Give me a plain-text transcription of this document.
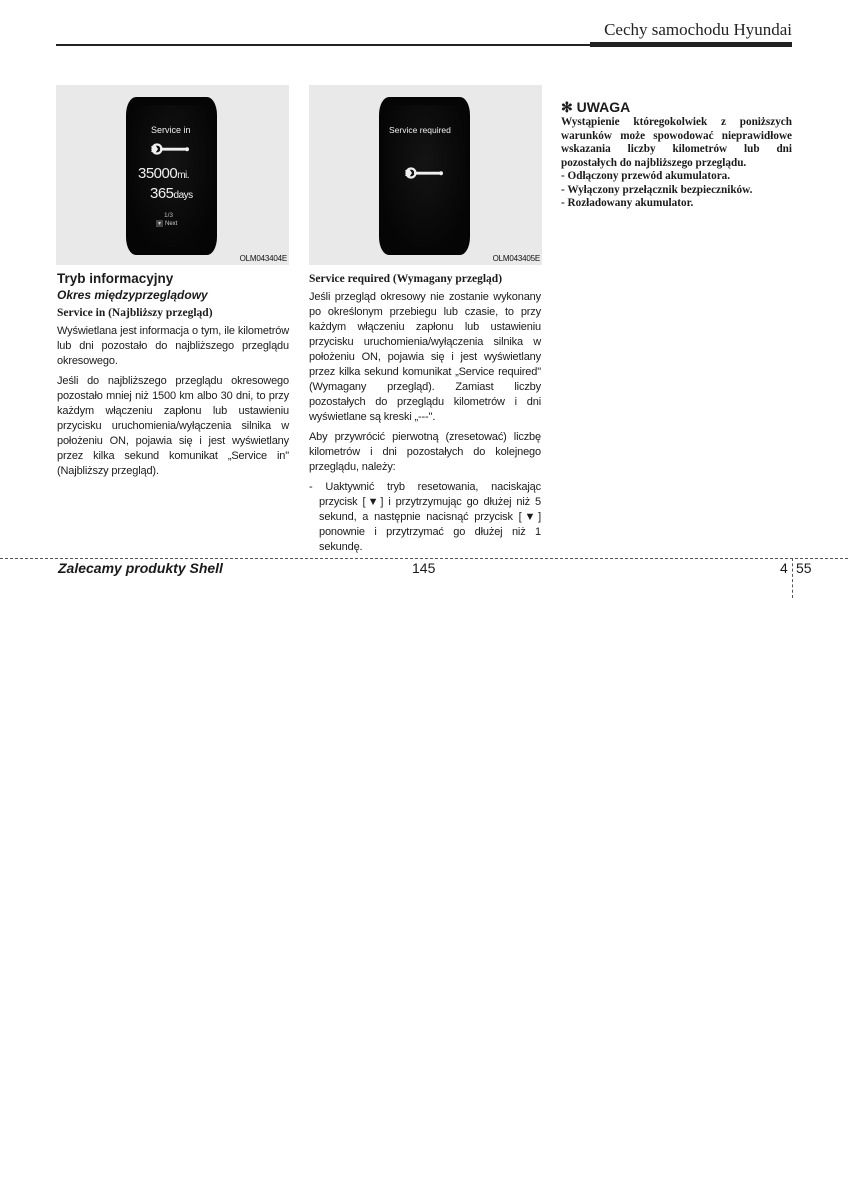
Cechy samochodu Hyundai
Service in
35000mi.
365days
1/3
▾ Next
OLM043404E
Service required
OLM043405E
Tryb informacyjny
Okres międzyprzeglądowy
Service in (Najbliższy przegląd)

Wyświetlana jest informacja o tym, ile kilometrów lub dni pozostało do najbliższego przeglądu okresowego.

Jeśli do najbliższego przeglądu okresowego pozostało mniej niż 1500 km albo 30 dni, to przy każdym włączeniu zapłonu lub ustawieniu przycisku uruchomienia/wyłączenia silnika w położeniu ON, pojawia się i jest wyświetlany przez kilka sekund komunikat „Service in" (Najbliższy przegląd).

Service required (Wymagany przegląd)

Jeśli przegląd okresowy nie zostanie wykonany po określonym przebiegu lub czasie, to przy każdym włączeniu zapłonu lub ustawieniu przycisku uruchomienia/wyłączenia silnika w położeniu ON, pojawia się i jest wyświetlany przez kilka sekund komunikat „Service required" (Wymagany przegląd). Zamiast liczby pozostałych do przeglądu kilometrów i dni wyświetlane są kreski „---".

Aby przywrócić pierwotną (zresetować) liczbę kilometrów i dni pozostałych do kolejnego przeglądu, należy:

- Uaktywnić tryb resetowania, naciskając przycisk [▼] i przytrzymując go dłużej niż 5 sekund, a następnie nacisnąć przycisk [▼] ponownie i przytrzymać go dłużej niż 1 sekundę.

✻ UWAGA

Wystąpienie któregokolwiek z poniższych warunków może spowodować nieprawidłowe wskazania liczby kilometrów lub dni pozostałych do najbliższego przeglądu.

- Odłączony przewód akumulatora.
- Wyłączony przełącznik bezpieczników.
- Rozładowany akumulator.
Zalecamy produkty Shell	145	4 55
